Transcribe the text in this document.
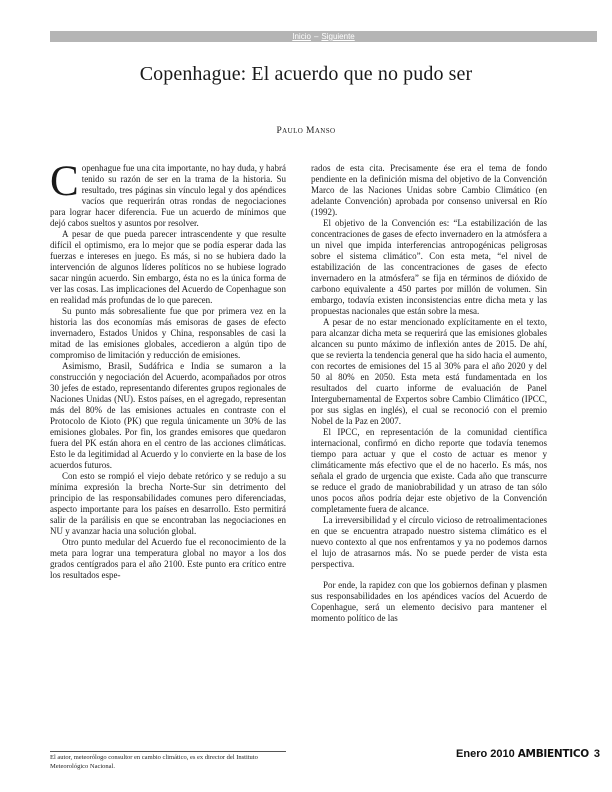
Inicio – Siguiente
Copenhague: El acuerdo que no pudo ser
Paulo Manso

Copenhague fue una cita importante, no hay duda, y habrá tenido su razón de ser en la trama de la historia. Su resultado, tres páginas sin vínculo legal y dos apéndices vacíos que requerirán otras rondas de negociaciones para lograr hacer diferencia. Fue un acuerdo de mínimos que dejó cabos sueltos y asuntos por resolver.

A pesar de que pueda parecer intrascendente y que resulte difícil el optimismo, era lo mejor que se podía esperar dada las fuerzas e intereses en juego. Es más, si no se hubiera dado la intervención de algunos líderes políticos no se hubiese logrado sacar ningún acuerdo. Sin embargo, ésta no es la única forma de ver las cosas. Las implicaciones del Acuerdo de Copenhague son en realidad más profundas de lo que parecen.

Su punto más sobresaliente fue que por primera vez en la historia las dos economías más emisoras de gases de efecto invernadero, Estados Unidos y China, responsables de casi la mitad de las emisiones globales, accedieron a algún tipo de compromiso de limitación y reducción de emisiones.

Asimismo, Brasil, Sudáfrica e India se sumaron a la construcción y negociación del Acuerdo, acompañados por otros 30 jefes de estado, representando diferentes grupos regionales de Naciones Unidas (NU). Estos países, en el agregado, representan más del 80% de las emisiones actuales en contraste con el Protocolo de Kioto (PK) que regula únicamente un 30% de las emisiones globales. Por fin, los grandes emisores que quedaron fuera del PK están ahora en el centro de las acciones climáticas. Esto le da legitimidad al Acuerdo y lo convierte en la base de los acuerdos futuros.

Con esto se rompió el viejo debate retórico y se redujo a su mínima expresión la brecha Norte-Sur sin detrimento del principio de las responsabilidades comunes pero diferenciadas, aspecto importante para los países en desarrollo. Esto permitirá salir de la parálisis en que se encontraban las negociaciones en NU y avanzar hacia una solución global.

Otro punto medular del Acuerdo fue el reconocimiento de la meta para lograr una temperatura global no mayor a los dos grados centígrados para el año 2100. Este punto era crítico entre los resultados espe-

rados de esta cita. Precisamente ése era el tema de fondo pendiente en la definición misma del objetivo de la Convención Marco de las Naciones Unidas sobre Cambio Climático (en adelante Convención) aprobada por consenso universal en Río (1992).

El objetivo de la Convención es: “La estabilización de las concentraciones de gases de efecto invernadero en la atmósfera a un nivel que impida interferencias antropogénicas peligrosas sobre el sistema climático”. Con esta meta, “el nivel de estabilización de las concentraciones de gases de efecto invernadero en la atmósfera” se fija en términos de dióxido de carbono equivalente a 450 partes por millón de volumen. Sin embargo, todavía existen inconsistencias entre dicha meta y las propuestas nacionales que están sobre la mesa.

A pesar de no estar mencionado explícitamente en el texto, para alcanzar dicha meta se requerirá que las emisiones globales alcancen su punto máximo de inflexión antes de 2015. De ahí, que se revierta la tendencia general que ha sido hacia el aumento, con recortes de emisiones del 15 al 30% para el año 2020 y del 50 al 80% en 2050. Esta meta está fundamentada en los resultados del cuarto informe de evaluación de Panel Intergubernamental de Expertos sobre Cambio Climático (IPCC, por sus siglas en inglés), el cual se reconoció con el premio Nobel de la Paz en 2007.

El IPCC, en representación de la comunidad científica internacional, confirmó en dicho reporte que todavía tenemos tiempo para actuar y que el costo de actuar es menor y climáticamente más efectivo que el de no hacerlo. Es más, nos señala el grado de urgencia que existe. Cada año que transcurre se reduce el grado de maniobrabilidad y un atraso de tan sólo unos pocos años podría dejar este objetivo de la Convención completamente fuera de alcance.

La irreversibilidad y el círculo vicioso de retroalimentaciones en que se encuentra atrapado nuestro sistema climático es el nuevo contexto al que nos enfrentamos y ya no podemos darnos el lujo de atrasarnos más. No se puede perder de vista esta perspectiva.

Por ende, la rapidez con que los gobiernos definan y plasmen sus responsabilidades en los apéndices vacíos del Acuerdo de Copenhague, será un elemento decisivo para mantener el momento político de las

El autor, meteorólogo consultor en cambio climático, es ex director del Instituto Meteorológico Nacional.
Enero 2010 AMBIENTICO 3
